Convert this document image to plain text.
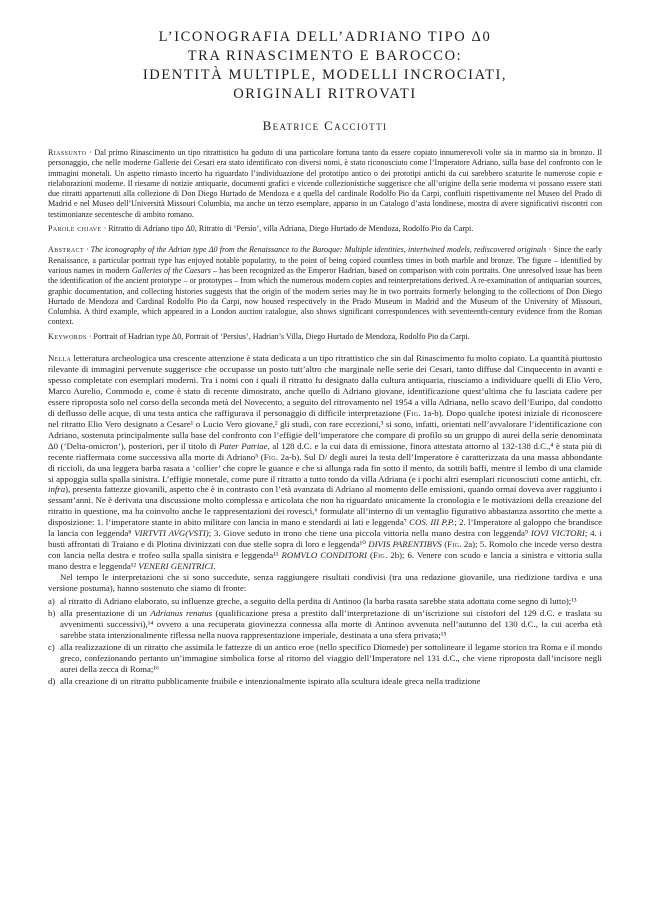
L’ICONOGRAFIA DELL’ADRIANO TIPO Δ0
TRA RINASCIMENTO E BAROCCO:
IDENTITÀ MULTIPLE, MODELLI INCROCIATI,
ORIGINALI RITROVATI
Beatrice Cacciotti

Riassunto · Dal primo Rinascimento un tipo ritrattistico ha goduto di una particolare fortuna tanto da essere copiato innumerevoli volte sia in marmo sia in bronzo. Il personaggio, che nelle moderne Gallerie dei Cesari era stato identificato con diversi nomi, è stato riconosciuto come l’Imperatore Adriano, sulla base del confronto con le immagini monetali. Un aspetto rimasto incerto ha riguardato l’individuazione del prototipo antico o dei prototipi antichi da cui sarebbero scaturite le numerose copie e rielaborazioni moderne. Il riesame di notizie antiquarie, documenti grafici e vicende collezionistiche suggerisce che all’origine della serie moderna vi possano essere stati due ritratti appartenuti alla collezione di Don Diego Hurtado de Mendoza e a quella del cardinale Rodolfo Pio da Carpi, confluiti rispettivamente nel Museo del Prado di Madrid e nel Museo dell’Università Missouri Columbia, ma anche un terzo esemplare, apparso in un Catalogo d’asta londinese, mostra di avere significativi riscontri con testimonianze secentesche di ambito romano.

Parole chiave · Ritratto di Adriano tipo Δ0, Ritratto di ‘Persio’, villa Adriana, Diego Hurtado de Mendoza, Rodolfo Pio da Carpi.

Abstract · The iconography of the Adrian type Δ0 from the Renaissance to the Baroque: Multiple identities, intertwined models, rediscovered originals · Since the early Renaissance, a particular portrait type has enjoyed notable popularity, to the point of being copied countless times in both marble and bronze. The figure – identified by various names in modern Galleries of the Caesars – has been recognized as the Emperor Hadrian, based on comparison with coin portraits. One unresolved issue has been the identification of the ancient prototype – or prototypes – from which the numerous modern copies and reinterpretations derived. A re-examination of antiquarian sources, graphic documentation, and collecting histories suggests that the origin of the modern series may lie in two portraits formerly belonging to the collections of Don Diego Hurtado de Mendoza and Cardinal Rodolfo Pio da Carpi, now housed respectively in the Prado Museum in Madrid and the Museum of the University of Missouri, Columbia. A third example, which appeared in a London auction catalogue, also shows significant correspondences with seventeenth-century evidence from the Roman context.

Keywords · Portrait of Hadrian type Δ0, Portrait of ‘Persius’, Hadrian’s Villa, Diego Hurtado de Mendoza, Rodolfo Pio da Carpi.

Nella letteratura archeologica una crescente attenzione è stata dedicata a un tipo ritrattistico che sin dal Rinascimento fu molto copiato. La quantità piuttosto rilevante di immagini pervenute suggerisce che occupasse un posto tutt’altro che marginale nelle serie dei Cesari, tanto diffuse dal Cinquecento in avanti e spesso completate con esemplari moderni. Tra i nomi con i quali il ritratto fu designato dalla cultura antiquaria, riusciamo a individuare quelli di Elio Vero, Marco Aurelio, Commodo e, come è stato di recente dimostrato, anche quello di Adriano giovane, identificazione quest’ultima che fu lasciata cadere per essere riproposta solo nel corso della seconda metà del Novecento, a seguito del ritrovamento nel 1954 a villa Adriana, nello scavo dell’Euripo, dal condotto di deflusso delle acque, di una testa antica che raffigurava il personaggio di difficile interpretazione (Fig. 1a-b). Dopo qualche ipotesi iniziale di riconoscere nel ritratto Elio Vero designato a Cesare¹ o Lucio Vero giovane,² gli studi, con rare eccezioni,³ si sono, infatti, orientati nell’avvalorare l’identificazione con Adriano, sostenuta principalmente sulla base del confronto con l’effigie dell’imperatore che compare di profilo su un gruppo di aurei della serie denominata Δ0 (‘Delta-omicron’), posteriori, per il titolo di Pater Patriae, al 128 d.C. e la cui data di emissione, finora attestata attorno al 132-138 d.C.,⁴ è stata più di recente riaffermata come successiva alla morte di Adriano⁵ (Fig. 2a-b). Sul D/ degli aurei la testa dell’Imperatore è caratterizzata da una massa abbondante di riccioli, da una leggera barba rasata a ‘collier’ che copre le guance e che si allunga rada fin sotto il mento, da sottili baffi, mentre il lembo di una clamide si appoggia sulla spalla sinistra. L’effigie monetale, come pure il ritratto a tutto tondo da villa Adriana (e i pochi altri esemplari riconosciuti come antichi, cfr. infra), presenta fattezze giovanili, aspetto che è in contrasto con l’età avanzata di Adriano al momento delle emissioni, quando ormai doveva aver raggiunto i sessant’anni. Ne è derivata una discussione molto complessa e articolata che non ha riguardato unicamente la cronologia e le motivazioni della creazione del ritratto in questione, ma ha coinvolto anche le rappresentazioni dei rovesci,⁶ formulate all’interno di un ventaglio figurativo abbastanza assortito che mette a disposizione: 1. l’imperatore stante in abito militare con lancia in mano e stendardi ai lati e leggenda⁷ COS. III P.P.; 2. l’Imperatore al galoppo che brandisce la lancia con leggenda⁸ VIRTVTI AVG(VSTI); 3. Giove seduto in trono che tiene una piccola vittoria nella mano destra con leggenda⁹ IOVI VICTORI; 4. i busti affrontati di Traiano e di Plotina divinizzati con due stelle sopra di loro e leggenda¹⁰ DIVIS PARENTIBVS (Fig. 2a); 5. Romolo che incede verso destra con lancia nella destra e trofeo sulla spalla sinistra e leggenda¹¹ ROMVLO CONDITORI (Fig. 2b); 6. Venere con scudo e lancia a sinistra e vittoria sulla mano destra e leggenda¹² VENERI GENITRICI.

Nel tempo le interpretazioni che si sono succedute, senza raggiungere risultati condivisi (tra una redazione giovanile, una riedizione tardiva e una versione postuma), hanno sostenuto che siamo di fronte:

a) al ritratto di Adriano elaborato, su influenze greche, a seguito della perdita di Antinoo (la barba rasata sarebbe stata adottata come segno di lutto);¹³
b) alla presentazione di un Adrianus renatus (qualificazione presa a prestito dall’interpretazione di un’iscrizione sui cistofori del 129 d.C. e traslata su avvenimenti successivi),¹⁴ ovvero a una recuperata giovinezza connessa alla morte di Antinoo avvenuta nell’autunno del 130 d.C., la cui acerba età sarebbe stata intenzionalmente riflessa nella nuova rappresentazione imperiale, destinata a una sfera privata;¹⁵
c) alla realizzazione di un ritratto che assimila le fattezze di un antico eroe (nello specifico Diomede) per sottolineare il legame storico tra Roma e il mondo greco, confezionando pertanto un’immagine simbolica forse al ritorno del viaggio dell’Imperatore nel 131 d.C., che viene riproposta dall’incisore negli aurei della zecca di Roma;¹⁶
d) alla creazione di un ritratto pubblicamente fruibile e intenzionalmente ispirato alla scultura ideale greca nella tradizione
